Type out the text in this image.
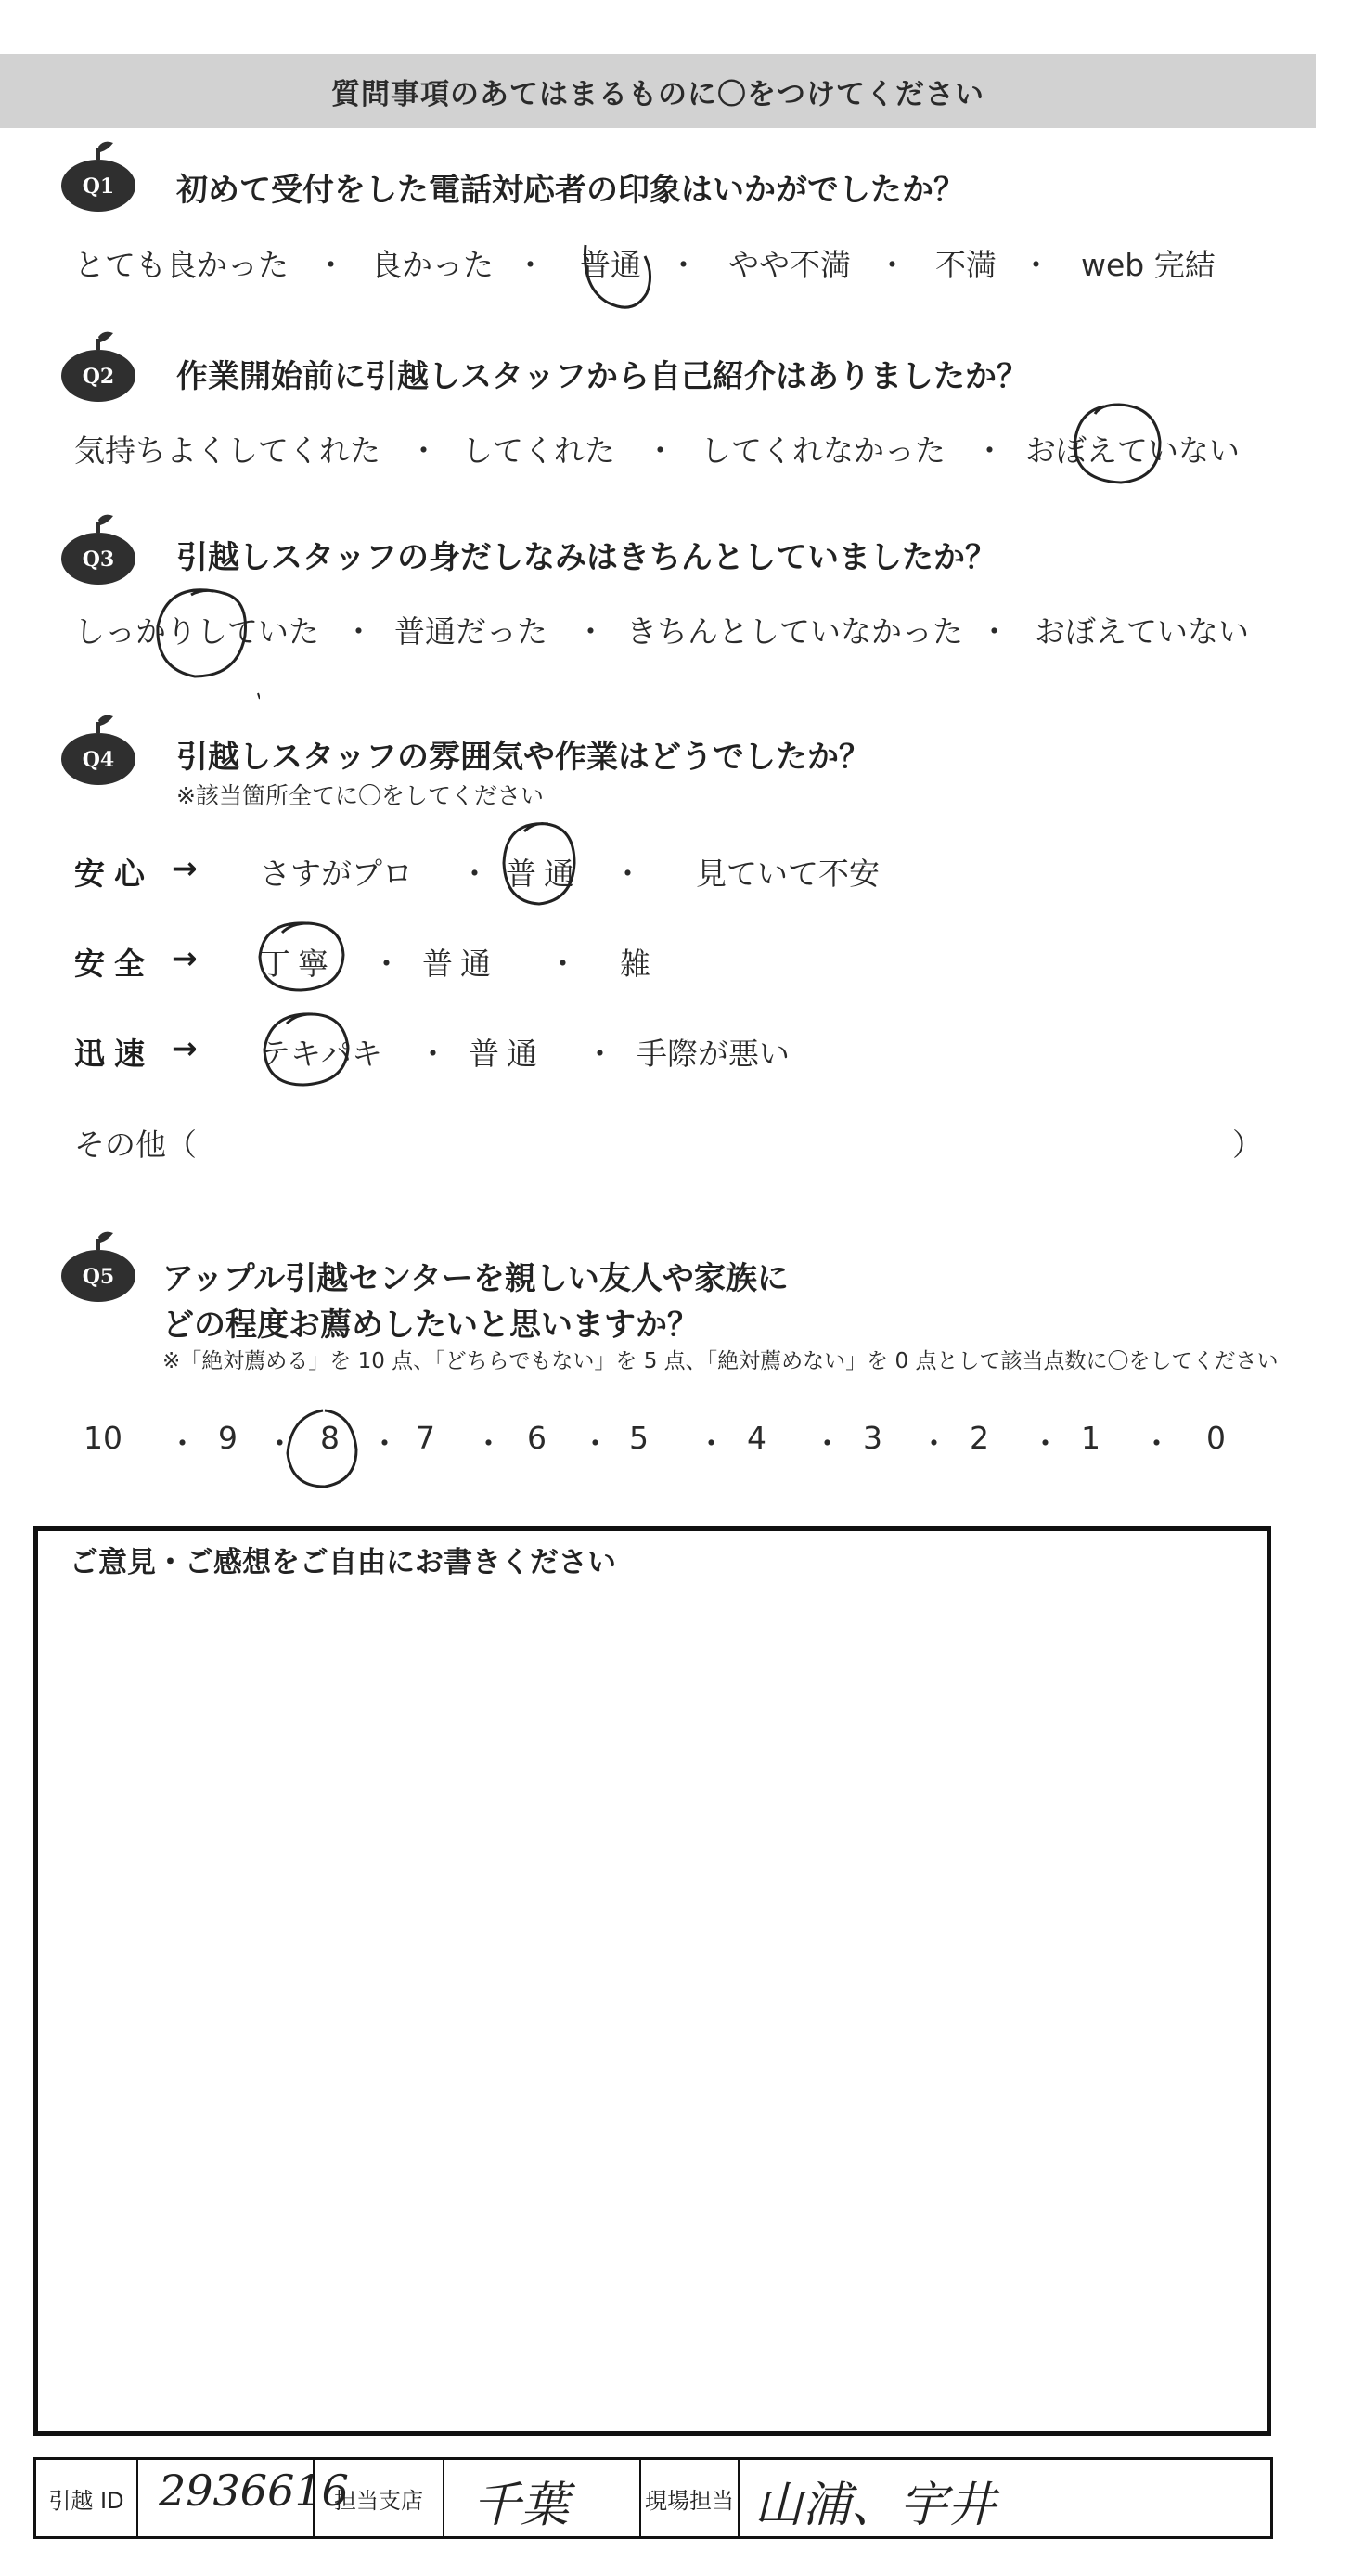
質問事項のあてはまるものに〇をつけてください
Q1 初めて受付をした電話対応者の印象はいかがでしたか？
とても良かった ・ 良かった ・ 普通 ・ やや不満 ・ 不満 ・ web 完結
Q2 作業開始前に引越しスタッフから自己紹介はありましたか？
気持ちよくしてくれた ・ してくれた ・ してくれなかった ・ おぼえていない
Q3 引越しスタッフの身だしなみはきちんとしていましたか？
しっかりしていた ・ 普通だった ・ きちんとしていなかった ・ おぼえていない
Q4 引越しスタッフの雰囲気や作業はどうでしたか？
※該当箇所全てに〇をしてください
安心 → さすがプロ ・ 普通 ・ 見ていて不安
安全 → 丁寧 ・ 普通 ・ 雑
迅速 → テキパキ ・ 普通 ・ 手際が悪い
その他（	）
Q5 アップル引越センターを親しい友人や家族に
どの程度お薦めしたいと思いますか？
※「絶対薦める」を 10 点、「どちらでもない」を 5 点、「絶対薦めない」を 0 点として該当点数に〇をしてください
10 ・ 9 ・ 8 ・ 7 ・ 6 ・ 5 ・ 4 ・ 3 ・ 2 ・ 1 ・ 0
ご意見・ご感想をご自由にお書きください
引越 ID 2936616
担当支店	千葉	現場担当 山浦、宇井
